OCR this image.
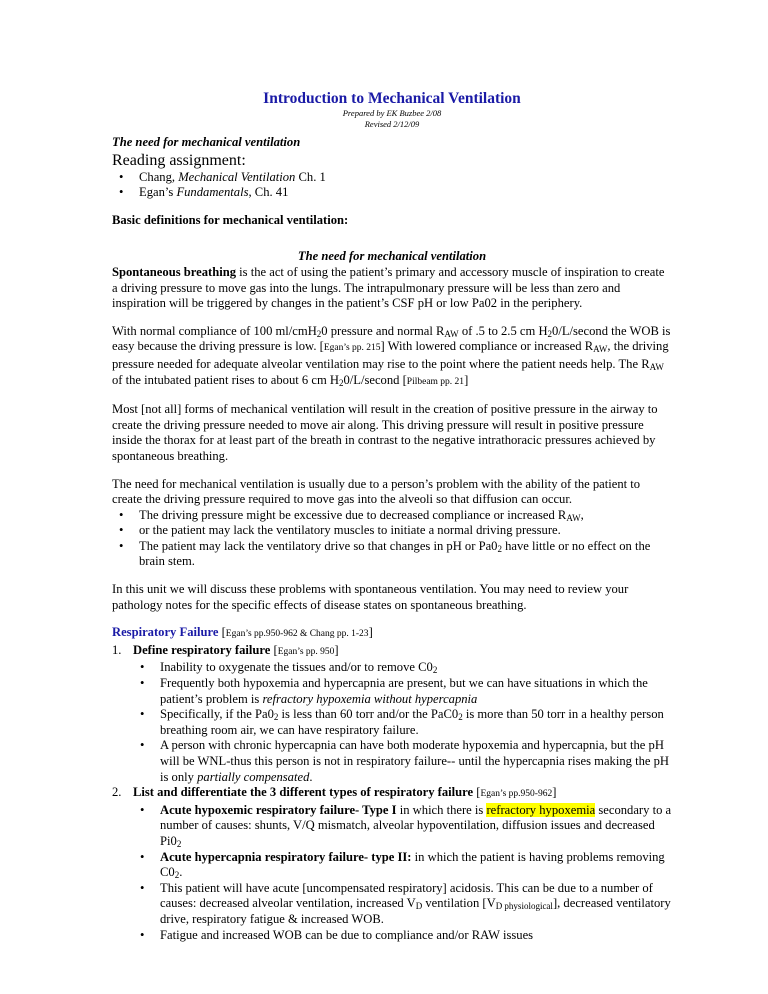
Introduction to Mechanical Ventilation
Prepared by EK Buzbee 2/08
Revised 2/12/09
The need for mechanical ventilation
Reading assignment:
• Chang, Mechanical Ventilation Ch. 1
• Egan’s Fundamentals, Ch. 41

Basic definitions for mechanical ventilation:

The need for mechanical ventilation

Spontaneous breathing is the act of using the patient’s primary and accessory muscle of inspiration to create a driving pressure to move gas into the lungs. The intrapulmonary pressure will be less than zero and inspiration will be triggered by changes in the patient’s CSF pH or low Pa02 in the periphery.

With normal compliance of 100 ml/cmH$_2$0 pressure and normal $R_{AW}$ of .5 to 2.5 cm $H_20/L$/second the WOB is easy because the driving pressure is low. [Egan’s pp. 215] With lowered compliance or increased $R_{AW}$, the driving pressure needed for adequate alveolar ventilation may rise to the point where the patient needs help. The $R_{AW}$ of the intubated patient rises to about 6 cm $H_20/L$/second [Pilbeam pp. 21]

Most [not all] forms of mechanical ventilation will result in the creation of positive pressure in the airway to create the driving pressure needed to move air along. This driving pressure will result in positive pressure inside the thorax for at least part of the breath in contrast to the negative intrathoracic pressures achieved by spontaneous breathing.

The need for mechanical ventilation is usually due to a person’s problem with the ability of the patient to create the driving pressure required to move gas into the alveoli so that diffusion can occur.

• The driving pressure might be excessive due to decreased compliance or increased $R_{AW}$,
• or the patient may lack the ventilatory muscles to initiate a normal driving pressure.
• The patient may lack the ventilatory drive so that changes in pH or $Pa0_2$ have little or no effect on the brain stem.

In this unit we will discuss these problems with spontaneous ventilation. You may need to review your pathology notes for the specific effects of disease states on spontaneous breathing.

Respiratory Failure [Egan’s pp.950-962 & Chang pp. 1-23]

1. Define respiratory failure [Egan’s pp. 950]
• Inability to oxygenate the tissues and/or to remove $C0_2$
• Frequently both hypoxemia and hypercapnia are present, but we can have situations in which the patient’s problem is refractory hypoxemia without hypercapnia
• Specifically, if the $Pa0_2$ is less than 60 torr and/or the $PaC0_2$ is more than 50 torr in a healthy person breathing room air, we can have respiratory failure.
• A person with chronic hypercapnia can have both moderate hypoxemia and hypercapnia, but the pH will be WNL-thus this person is not in respiratory failure-- until the hypercapnia rises making the pH is only partially compensated.
2. List and differentiate the 3 different types of respiratory failure [Egan’s pp.950-962]
• Acute hypoxemic respiratory failure- Type I in which there is refractory hypoxemia secondary to a number of causes: shunts, V/Q mismatch, alveolar hypoventilation, diffusion issues and decreased $Pi0_2$
• Acute hypercapnia respiratory failure- type II: in which the patient is having problems removing $C0_2$.
• This patient will have acute [uncompensated respiratory] acidosis. This can be due to a number of causes: decreased alveolar ventilation, increased $V_D$ ventilation $[V_{D physiological}]$, decreased ventilatory drive, respiratory fatigue & increased WOB.
• Fatigue and increased WOB can be due to compliance and/or RAW issues
